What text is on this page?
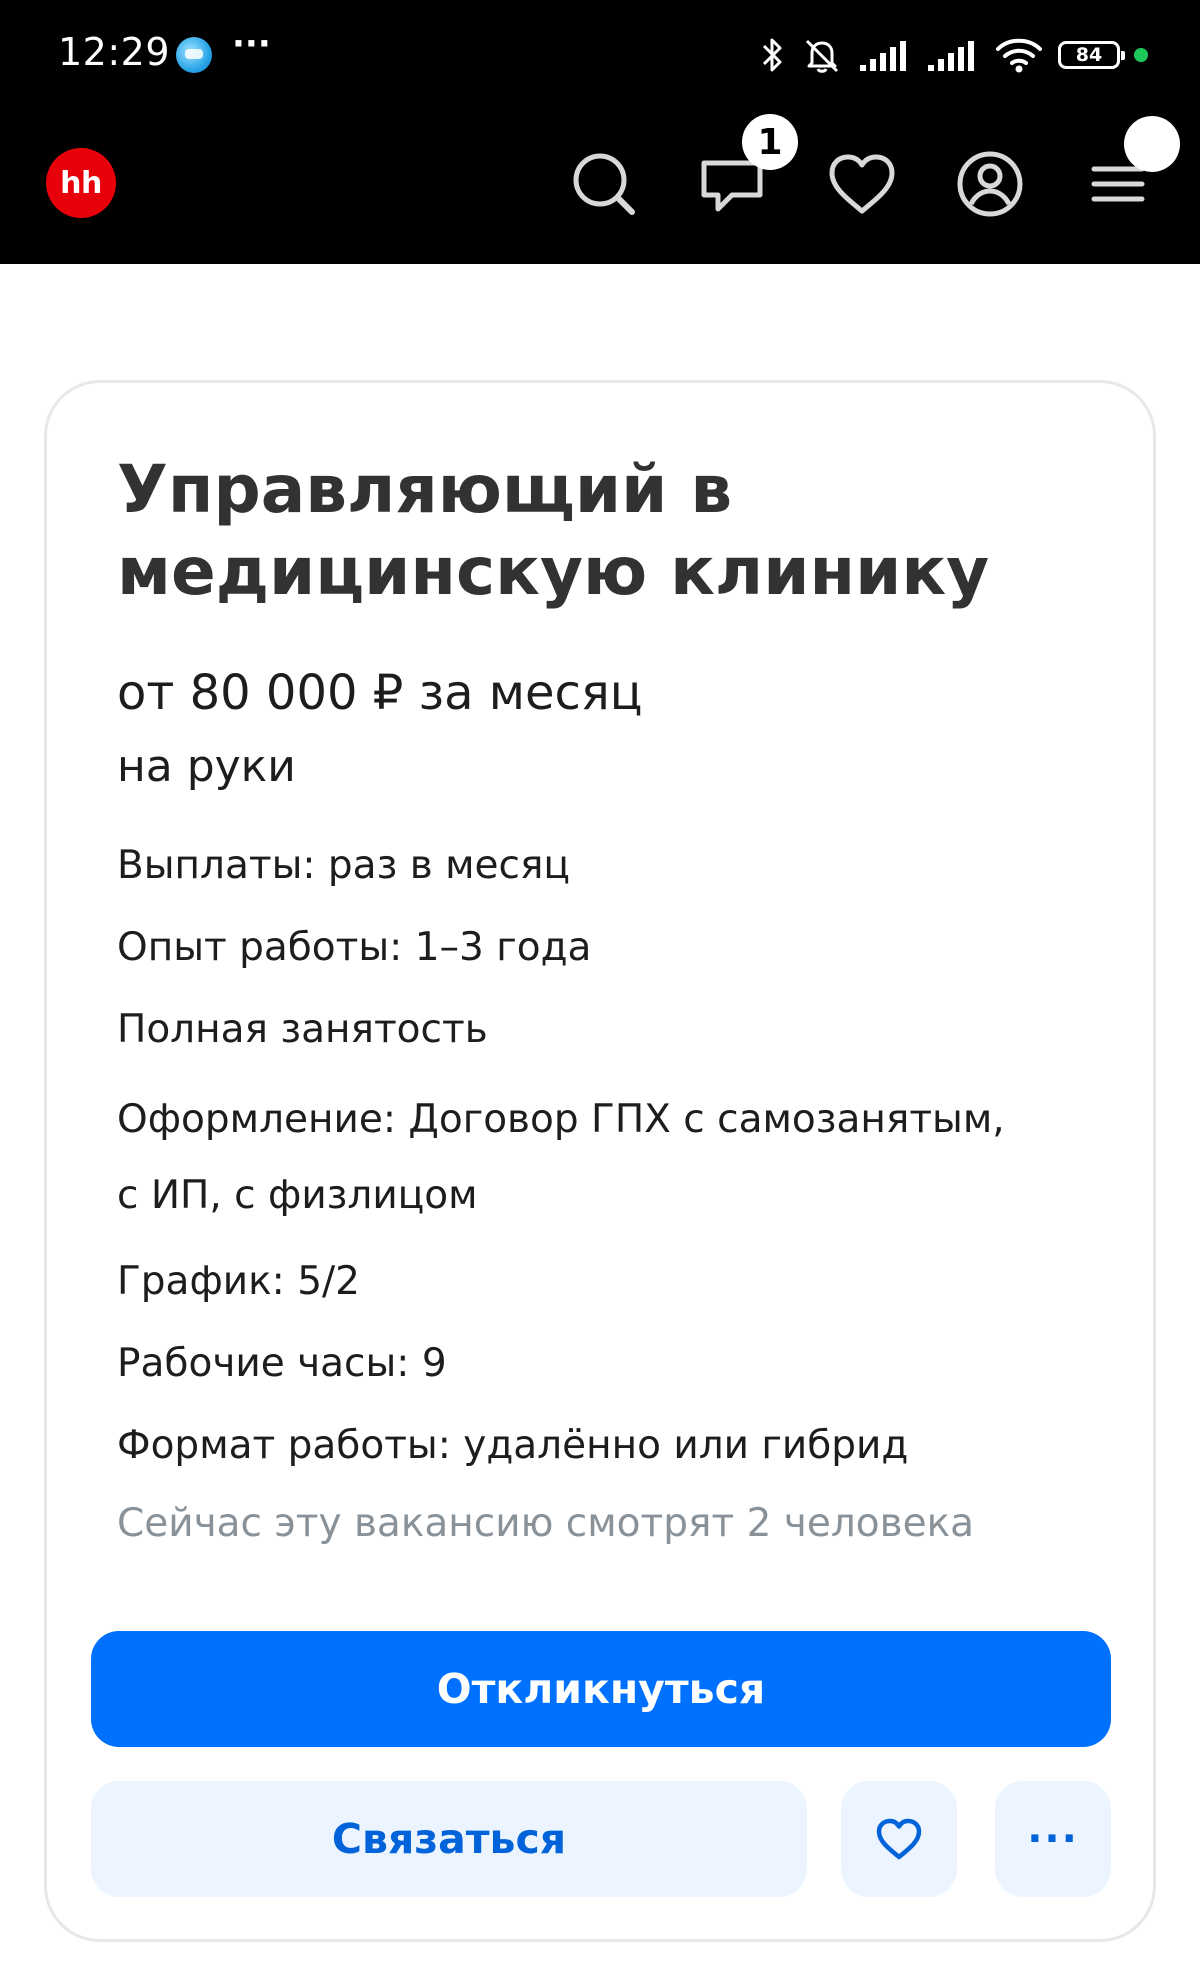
12:29 ···	84
hh
1
Управляющий в медицинскую клинику
от 80 000 ₽ за месяц
на руки
Выплаты: раз в месяц
Опыт работы: 1–3 года
Полная занятость
Оформление: Договор ГПХ с самозанятым,
с ИП, с физлицом
График: 5/2
Рабочие часы: 9
Формат работы: удалённо или гибрид
Сейчас эту вакансию смотрят 2 человека
Откликнуться
Связаться	···
